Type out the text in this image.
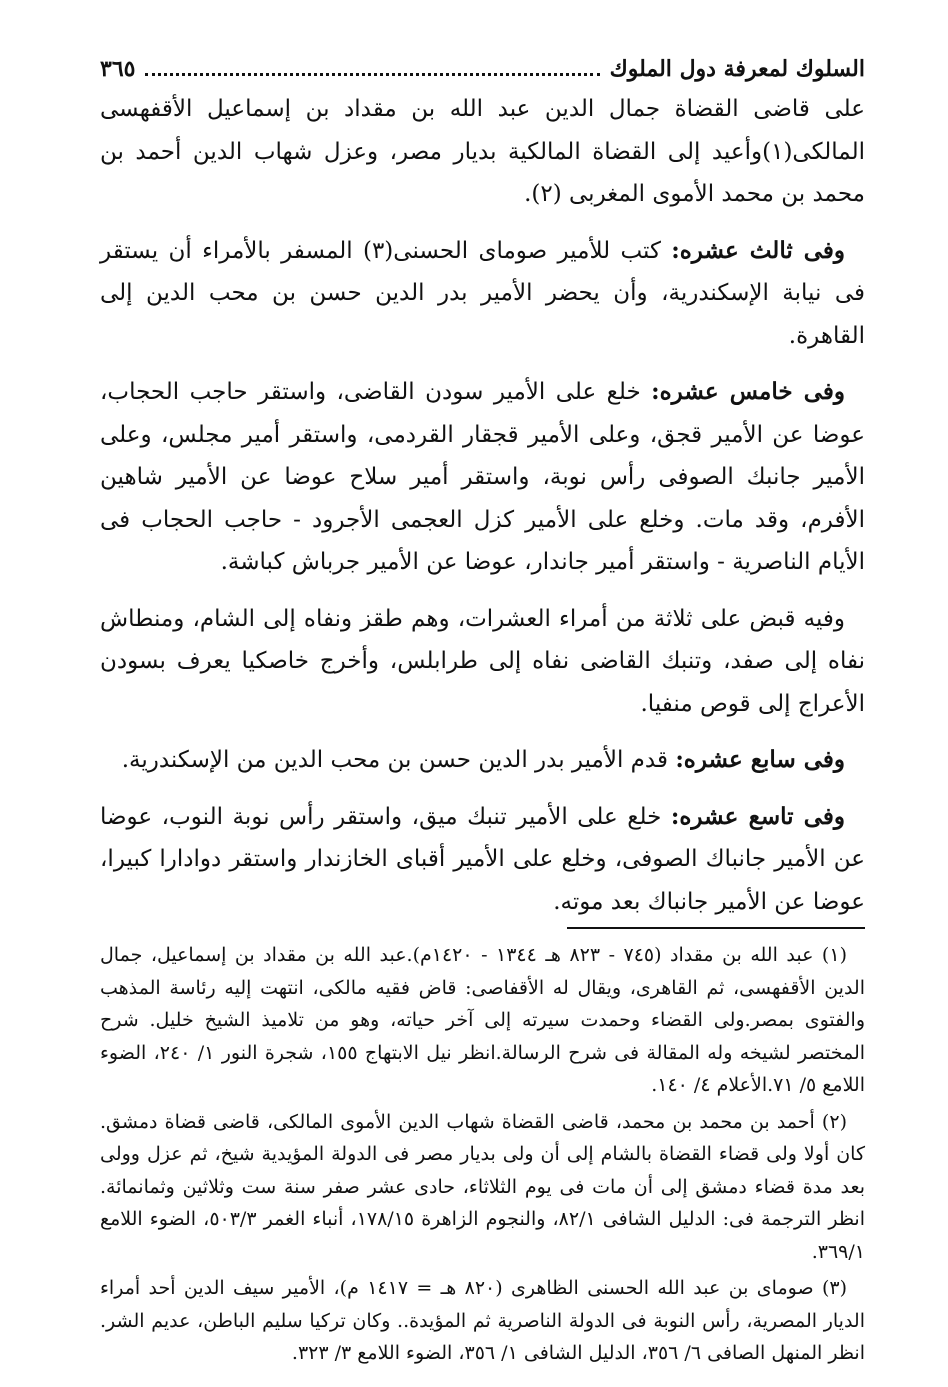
السلوك لمعرفة دول الملوك
٣٦٥

على قاضى القضاة جمال الدين عبد الله بن مقداد بن إسماعيل الأقفهسى المالكى(١)وأعيد إلى القضاة المالكية بديار مصر، وعزل شهاب الدين أحمد بن محمد بن محمد الأموى المغربى (٢).

وفى ثالث عشره: كتب للأمير صوماى الحسنى(٣) المسفر بالأمراء أن يستقر فى نيابة الإسكندرية، وأن يحضر الأمير بدر الدين حسن بن محب الدين إلى القاهرة.

وفى خامس عشره: خلع على الأمير سودن القاضى، واستقر حاجب الحجاب، عوضا عن الأمير قجق، وعلى الأمير قجقار القردمى، واستقر أمير مجلس، وعلى الأمير جانبك الصوفى رأس نوبة، واستقر أمير سلاح عوضا عن الأمير شاهين الأفرم، وقد مات. وخلع على الأمير كزل العجمى الأجرود - حاجب الحجاب فى الأيام الناصرية - واستقر أمير جاندار، عوضا عن الأمير جرباش كباشة.

وفيه قبض على ثلاثة من أمراء العشرات، وهم طقز ونفاه إلى الشام، ومنطاش نفاه إلى صفد، وتنبك القاضى نفاه إلى طرابلس، وأخرج خاصكيا يعرف بسودن الأعراج إلى قوص منفيا.

وفى سابع عشره: قدم الأمير بدر الدين حسن بن محب الدين من الإسكندرية.

وفى تاسع عشره: خلع على الأمير تنبك ميق، واستقر رأس نوبة النوب، عوضا عن الأمير جانباك الصوفى، وخلع على الأمير أقباى الخازندار واستقر دوادارا كبيرا، عوضا عن الأمير جانباك بعد موته.

(١) عبد الله بن مقداد (٧٤٥ - ٨٢٣ هـ ١٣٤٤ - ١٤٢٠م).عبد الله بن مقداد بن إسماعيل، جمال الدين الأقفهسى، ثم القاهرى، ويقال له الأقفاصى: قاض فقيه مالكى، انتهت إليه رئاسة المذهب والفتوى بمصر.ولى القضاء وحمدت سيرته إلى آخر حياته، وهو من تلاميذ الشيخ خليل. شرح المختصر لشيخه وله المقالة فى شرح الرسالة.انظر نيل الابتهاج ١٥٥، شجرة النور ١/ ٢٤٠، الضوء اللامع ٥/ ٧١.الأعلام ٤/ ١٤٠.

(٢) أحمد بن محمد بن محمد، قاضى القضاة شهاب الدين الأموى المالكى، قاضى قضاة دمشق. كان أولا ولى قضاء القضاة بالشام إلى أن ولى بديار مصر فى الدولة المؤيدية شيخ، ثم عزل وولى بعد مدة قضاء دمشق إلى أن مات فى يوم الثلاثاء، حادى عشر صفر سنة ست وثلاثين وثمانمائة. انظر الترجمة فى: الدليل الشافى ٨٢/١، والنجوم الزاهرة ١٧٨/١٥، أنباء الغمر ٥٠٣/٣، الضوء اللامع ٣٦٩/١.

(٣) صوماى بن عبد الله الحسنى الظاهرى (٨٢٠ هـ = ١٤١٧ م)، الأمير سيف الدين أحد أمراء الديار المصرية، رأس النوبة فى الدولة الناصرية ثم المؤيدة.. وكان تركيا سليم الباطن، عديم الشر. انظر المنهل الصافى ٦/ ٣٥٦، الدليل الشافى ١/ ٣٥٦، الضوء اللامع ٣/ ٣٢٣.
